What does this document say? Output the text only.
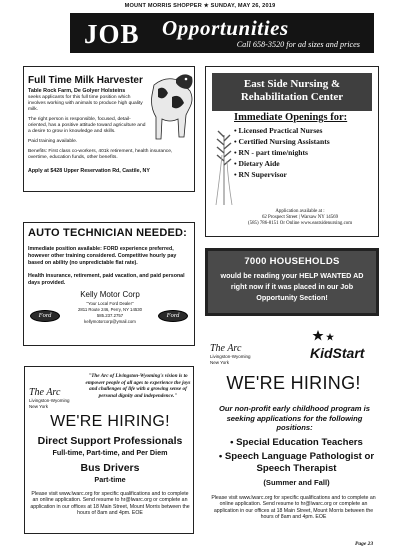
MOUNT MORRIS SHOPPER ★ SUNDAY, MAY 26, 2019
JOB Opportunities
Call 658-3520 for ad sizes and prices
Full Time Milk Harvester
Table Rock Farm, De Golyer Holsteins
seeks applicants for this full time position which involves working with animals to produce high quality milk.
The right person is responsible, focused, detail-oriented, has a positive attitude toward agriculture and a desire to grow in knowledge and skills.
Paid training available.
Benefits: First class co-workers, 401k retirement, health insurance, overtime, education funds, other benefits.
Apply at $428 Upper Reservation Rd, Castile, NY
East Side Nursing &
Rehabilitation Center
Immediate Openings for:
• Licensed Practical Nurses
• Certified Nursing Assistants
• RN - part time/nights
• Dietary Aide
• RN Supervisor
Application available at :
62 Prospect Street | Warsaw NY 14569
(585) 786-8151 Or Online www.eastsidenursing.com
AUTO TECHNICIAN NEEDED:
Immediate position available: FORD experience preferred, however other training considered. Competitive hourly pay based on ability (no unpredictable flat rate).
Health insurance, retirement, paid vacation, and paid personal days provided.
Kelly Motor Corp
"Your Local Ford Dealer"
2811 Route 246, Perry, NY 14530
585.237.2757
kellymotorcorp@ymail.com
Ford	Ford
7000 HOUSEHOLDS
would be reading your HELP WANTED AD right now if it was placed in our Job Opportunity Section!
The Arc
Livingston-Wyoming
New York
"The Arc of Livingston-Wyoming's vision is to empower people of all ages to experience the joys and challenges of life with a growing sense of personal dignity and independence."
WE'RE HIRING!
Direct Support Professionals
Full-time, Part-time, and Per Diem
Bus Drivers
Part-time
Please visit www.lwarc.org for specific qualifications and to complete an online application. Send resume to hr@lwarc.org or complete an application in our offices at 18 Main Street, Mount Morris between the hours of 8am and 4pm. EOE
The Arc
Livingston-Wyoming
New York
KidStart
WE'RE HIRING!
Our non-profit early childhood program is seeking applications for the following positions:
• Special Education Teachers
• Speech Language Pathologist or Speech Therapist
(Summer and Fall)
Please visit www.lwarc.org for specific qualifications and to complete an online application. Send resume to hr@lwarc.org or complete an application in our offices at 18 Main Street, Mount Morris between the hours of 8am and 4pm. EOE
Page 23
